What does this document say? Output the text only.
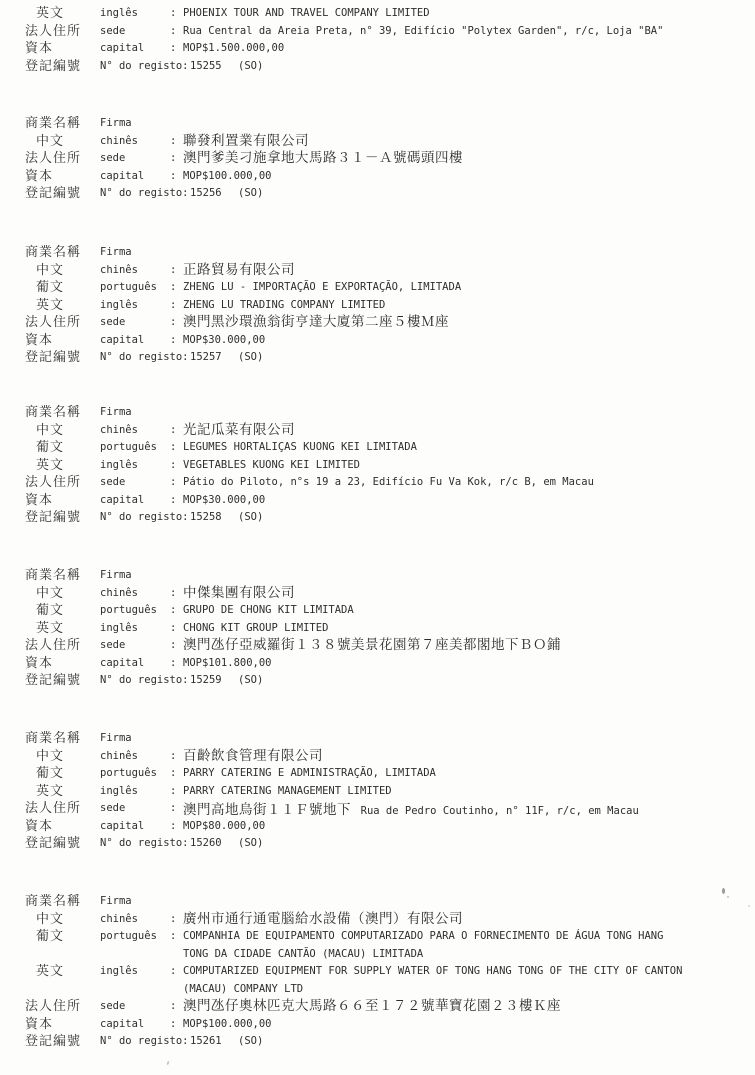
英文	inglês	: PHOENIX TOUR AND TRAVEL COMPANY LIMITED
法人住所 sede	: Rua Central da Areia Preta, n° 39, Edifício "Polytex Garden", r/c, Loja "BA"
資本	capital : MOP$1.500.000,00
登記編號 N° do registo: 15255 (SO)
商業名稱 Firma
中文	chinês	: 聯發利置業有限公司
法人住所 sede	: 澳門爹美刁施拿地大馬路３１－Ａ號碼頭四樓
資本	capital : MOP$100.000,00
登記編號 N° do registo: 15256 (SO)
商業名稱 Firma
中文	chinês	: 正路貿易有限公司
葡文	português : ZHENG LU - IMPORTAÇÃO E EXPORTAÇÃO, LIMITADA
英文	inglês	: ZHENG LU TRADING COMPANY LIMITED
法人住所 sede	: 澳門黑沙環漁翁街亨達大廈第二座５樓Ｍ座
資本	capital : MOP$30.000,00
登記編號 N° do registo: 15257 (SO)
商業名稱 Firma
中文	chinês	: 光記瓜菜有限公司
葡文	português : LEGUMES HORTALIÇAS KUONG KEI LIMITADA
英文	inglês	: VEGETABLES KUONG KEI LIMITED
法人住所 sede	: Pátio do Piloto, n°s 19 a 23, Edifício Fu Va Kok, r/c B, em Macau
資本	capital : MOP$30.000,00
登記編號 N° do registo: 15258 (SO)
商業名稱 Firma
中文	chinês	: 中傑集團有限公司
葡文	português : GRUPO DE CHONG KIT LIMITADA
英文	inglês	: CHONG KIT GROUP LIMITED
法人住所 sede	: 澳門氹仔亞威羅街１３８號美景花園第７座美都閣地下ＢＯ鋪
資本	capital : MOP$101.800,00
登記編號 N° do registo: 15259 (SO)
商業名稱 Firma
中文	chinês	: 百齡飲食管理有限公司
葡文	português : PARRY CATERING E ADMINISTRAÇÃO, LIMITADA
英文	inglês	: PARRY CATERING MANAGEMENT LIMITED
法人住所 sede	: 澳門高地烏街１１Ｆ號地下 Rua de Pedro Coutinho, n° 11F, r/c, em Macau
資本	capital : MOP$80.000,00
登記編號 N° do registo: 15260 (SO)
商業名稱 Firma
中文	chinês	: 廣州市通行通電腦給水設備（澳門）有限公司
葡文	português : COMPANHIA DE EQUIPAMENTO COMPUTARIZADO PARA O FORNECIMENTO DE ÁGUA TONG HANG
TONG DA CIDADE CANTÃO (MACAU) LIMITADA
英文	inglês	: COMPUTARIZED EQUIPMENT FOR SUPPLY WATER OF TONG HANG TONG OF THE CITY OF CANTON
(MACAU) COMPANY LTD
法人住所 sede	: 澳門氹仔奧林匹克大馬路６６至１７２號華寶花園２３樓Ｋ座
資本	capital : MOP$100.000,00
登記編號 N° do registo: 15261 (SO)
